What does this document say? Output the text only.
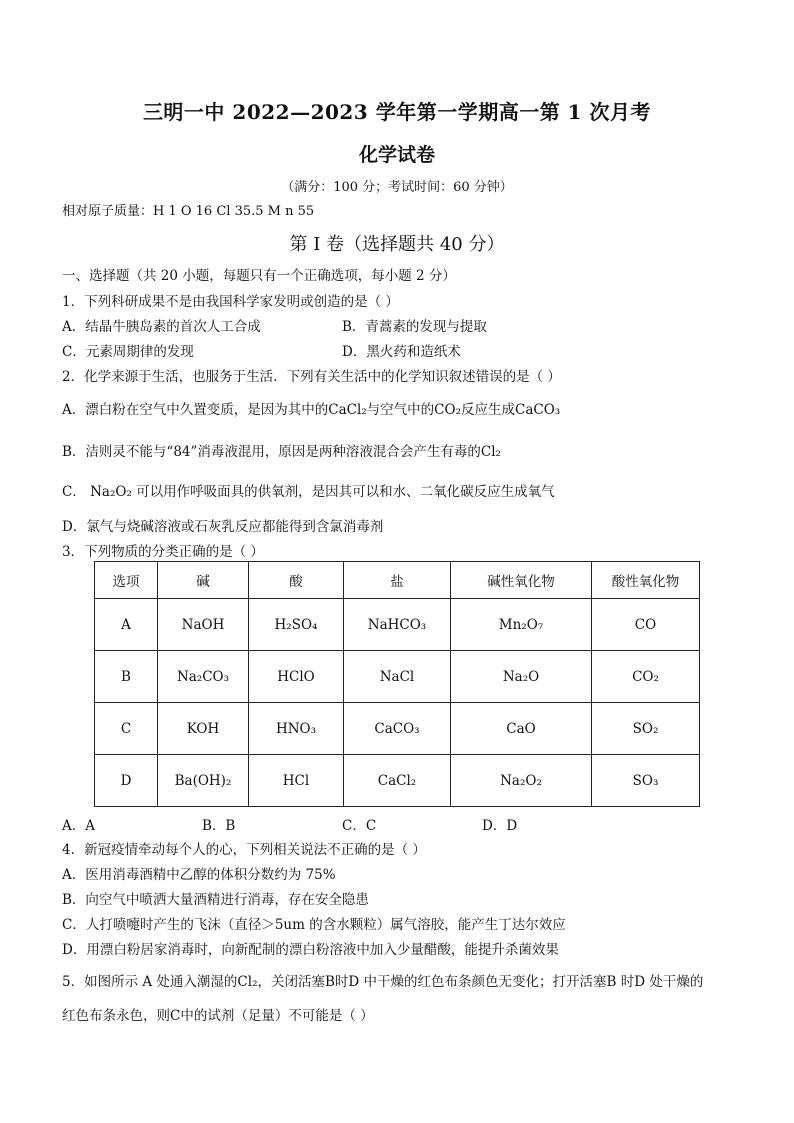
三明一中 2022—2023 学年第一学期高一第 1 次月考
化学试卷
（满分：100 分；考试时间：60 分钟）
相对原子质量：H 1 O 16 Cl 35.5 M n 55
第 I 卷（选择题共 40 分）
一、选择题（共 20 小题，每题只有一个正确选项，每小题 2 分）
1．下列科研成果不是由我国科学家发明或创造的是（ ）
A．结晶牛胰岛素的首次人工合成	B．青蒿素的发现与提取
C．元素周期律的发现	D．黑火药和造纸术
2．化学来源于生活，也服务于生活．下列有关生活中的化学知识叙述错误的是（ ）
A．漂白粉在空气中久置变质，是因为其中的CaCl₂与空气中的CO₂反应生成CaCO₃
B．洁则灵不能与“84”消毒液混用，原因是两种溶液混合会产生有毒的Cl₂
C． Na₂O₂ 可以用作呼吸面具的供氧剂，是因其可以和水、二氧化碳反应生成氧气
D．氯气与烧碱溶液或石灰乳反应都能得到含氯消毒剂
3．下列物质的分类正确的是（ ）
选项	碱	酸	盐	碱性氧化物	酸性氧化物
A	NaOH	H₂SO₄	NaHCO₃	Mn₂O₇	CO
B	Na₂CO₃	HClO	NaCl	Na₂O	CO₂
C	KOH	HNO₃	CaCO₃	CaO	SO₂
D	Ba(OH)₂	HCl	CaCl₂	Na₂O₂	SO₃
A．A	B．B	C．C	D．D
4．新冠疫情牵动每个人的心，下列相关说法不正确的是（ ）
A．医用消毒酒精中乙醇的体积分数约为 75%
B．向空气中喷洒大量酒精进行消毒，存在安全隐患
C．人打喷嚏时产生的飞沫（直径＞5um 的含水颗粒）属气溶胶，能产生丁达尔效应
D．用漂白粉居家消毒时，向新配制的漂白粉溶液中加入少量醋酸，能提升杀菌效果
5．如图所示 A 处通入潮湿的Cl₂，关闭活塞B时D 中干燥的红色布条颜色无变化；打开活塞B 时D 处干燥的
红色布条永色，则C中的试剂（足量）不可能是（ ）
